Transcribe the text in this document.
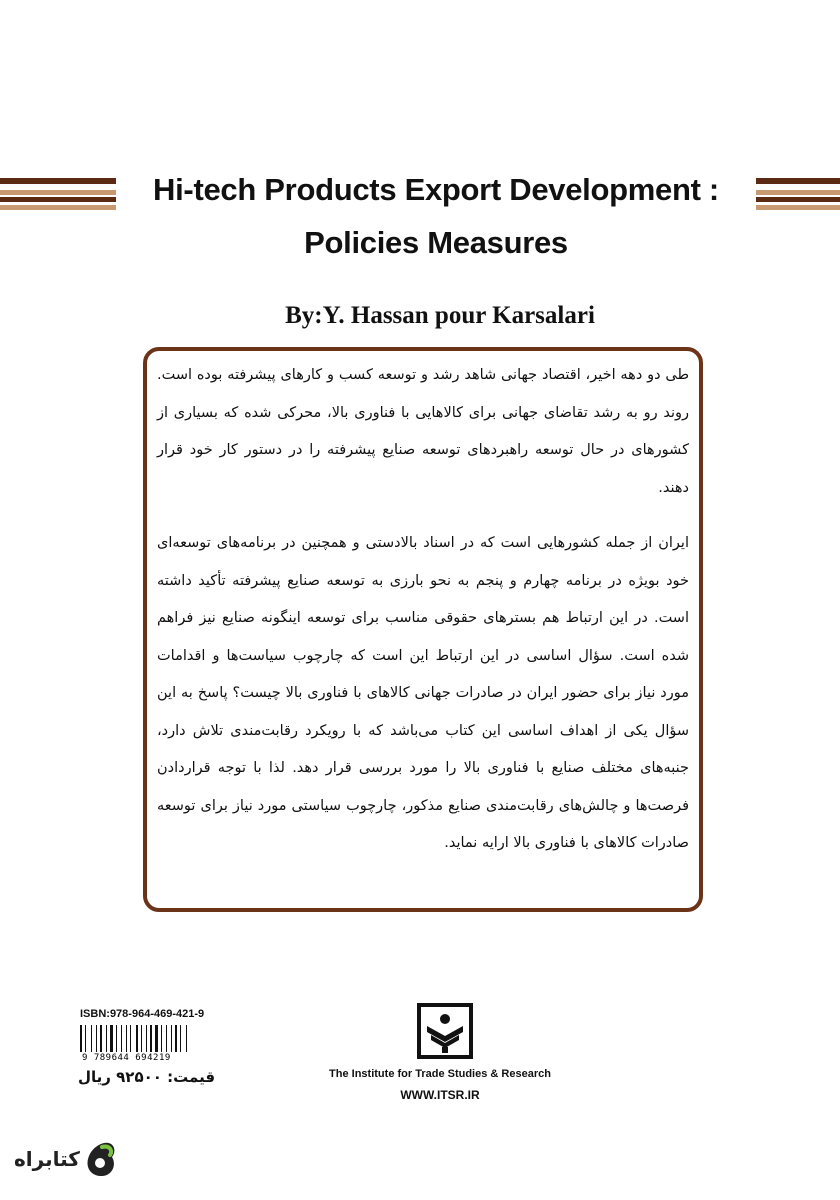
Hi-tech Products Export Development :
Policies Measures

By:Y. Hassan pour Karsalari

طی دو دهه اخیر، اقتصاد جهانی شاهد رشد و توسعه کسب و کارهای پیشرفته بوده است. روند رو به رشد تقاضای جهانی برای کالاهایی با فناوری بالا، محرکی شده که بسیاری از کشورهای در حال توسعه راهبردهای توسعه صنایع پیشرفته را در دستور کار خود قرار دهند.

ایران از جمله کشورهایی است که در اسناد بالادستی و همچنین در برنامه‌های توسعه‌ای خود بویژه در برنامه چهارم و پنجم به نحو بارزی به توسعه صنایع پیشرفته تأکید داشته است. در این ارتباط هم بسترهای حقوقی مناسب برای توسعه اینگونه صنایع نیز فراهم شده است. سؤال اساسی در این ارتباط این است که چارچوب سیاست‌ها و اقدامات مورد نیاز برای حضور ایران در صادرات جهانی کالاهای با فناوری بالا چیست؟ پاسخ به این سؤال یکی از اهداف اساسی این کتاب می‌باشد که با رویکرد رقابت‌مندی تلاش دارد، جنبه‌های مختلف صنایع با فناوری بالا را مورد بررسی قرار دهد. لذا با توجه قراردادن فرصت‌ها و چالش‌های رقابت‌مندی صنایع مذکور، چارچوب سیاستی مورد نیاز برای توسعه صادرات کالاهای با فناوری بالا ارایه نماید.

ISBN:978-964-469-421-9
9 789644 694219
قیمت: ۹۲۵۰۰ ریال	The Institute for Trade Studies & Research
WWW.ITSR.IR
کتابراه
